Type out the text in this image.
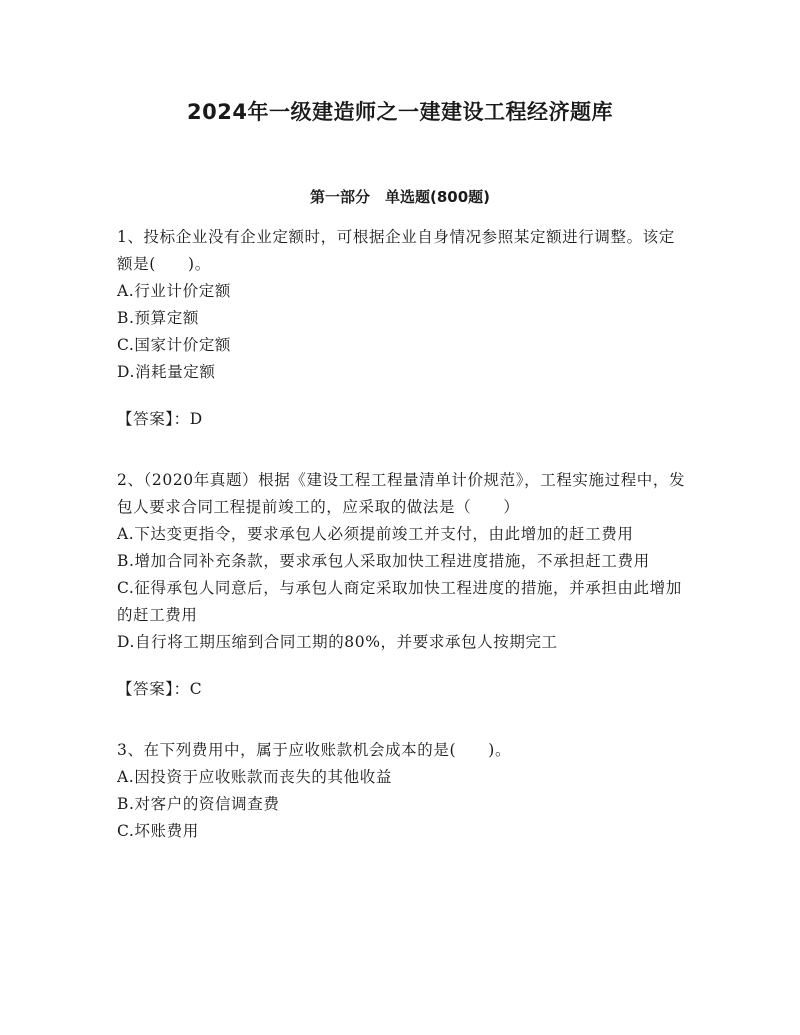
2024年一级建造师之一建建设工程经济题库
第一部分　单选题(800题)

1、投标企业没有企业定额时，可根据企业自身情况参照某定额进行调整。该定额是(　　)。

A.行业计价定额

B.预算定额

C.国家计价定额

D.消耗量定额

【答案】：D

2、（2020年真题）根据《建设工程工程量清单计价规范》，工程实施过程中，发包人要求合同工程提前竣工的，应采取的做法是（　　）

A.下达变更指令，要求承包人必须提前竣工并支付，由此增加的赶工费用

B.增加合同补充条款，要求承包人采取加快工程进度措施，不承担赶工费用

C.征得承包人同意后，与承包人商定采取加快工程进度的措施，并承担由此增加的赶工费用

D.自行将工期压缩到合同工期的80%，并要求承包人按期完工

【答案】：C

3、在下列费用中，属于应收账款机会成本的是(　　)。

A.因投资于应收账款而丧失的其他收益

B.对客户的资信调查费

C.坏账费用
